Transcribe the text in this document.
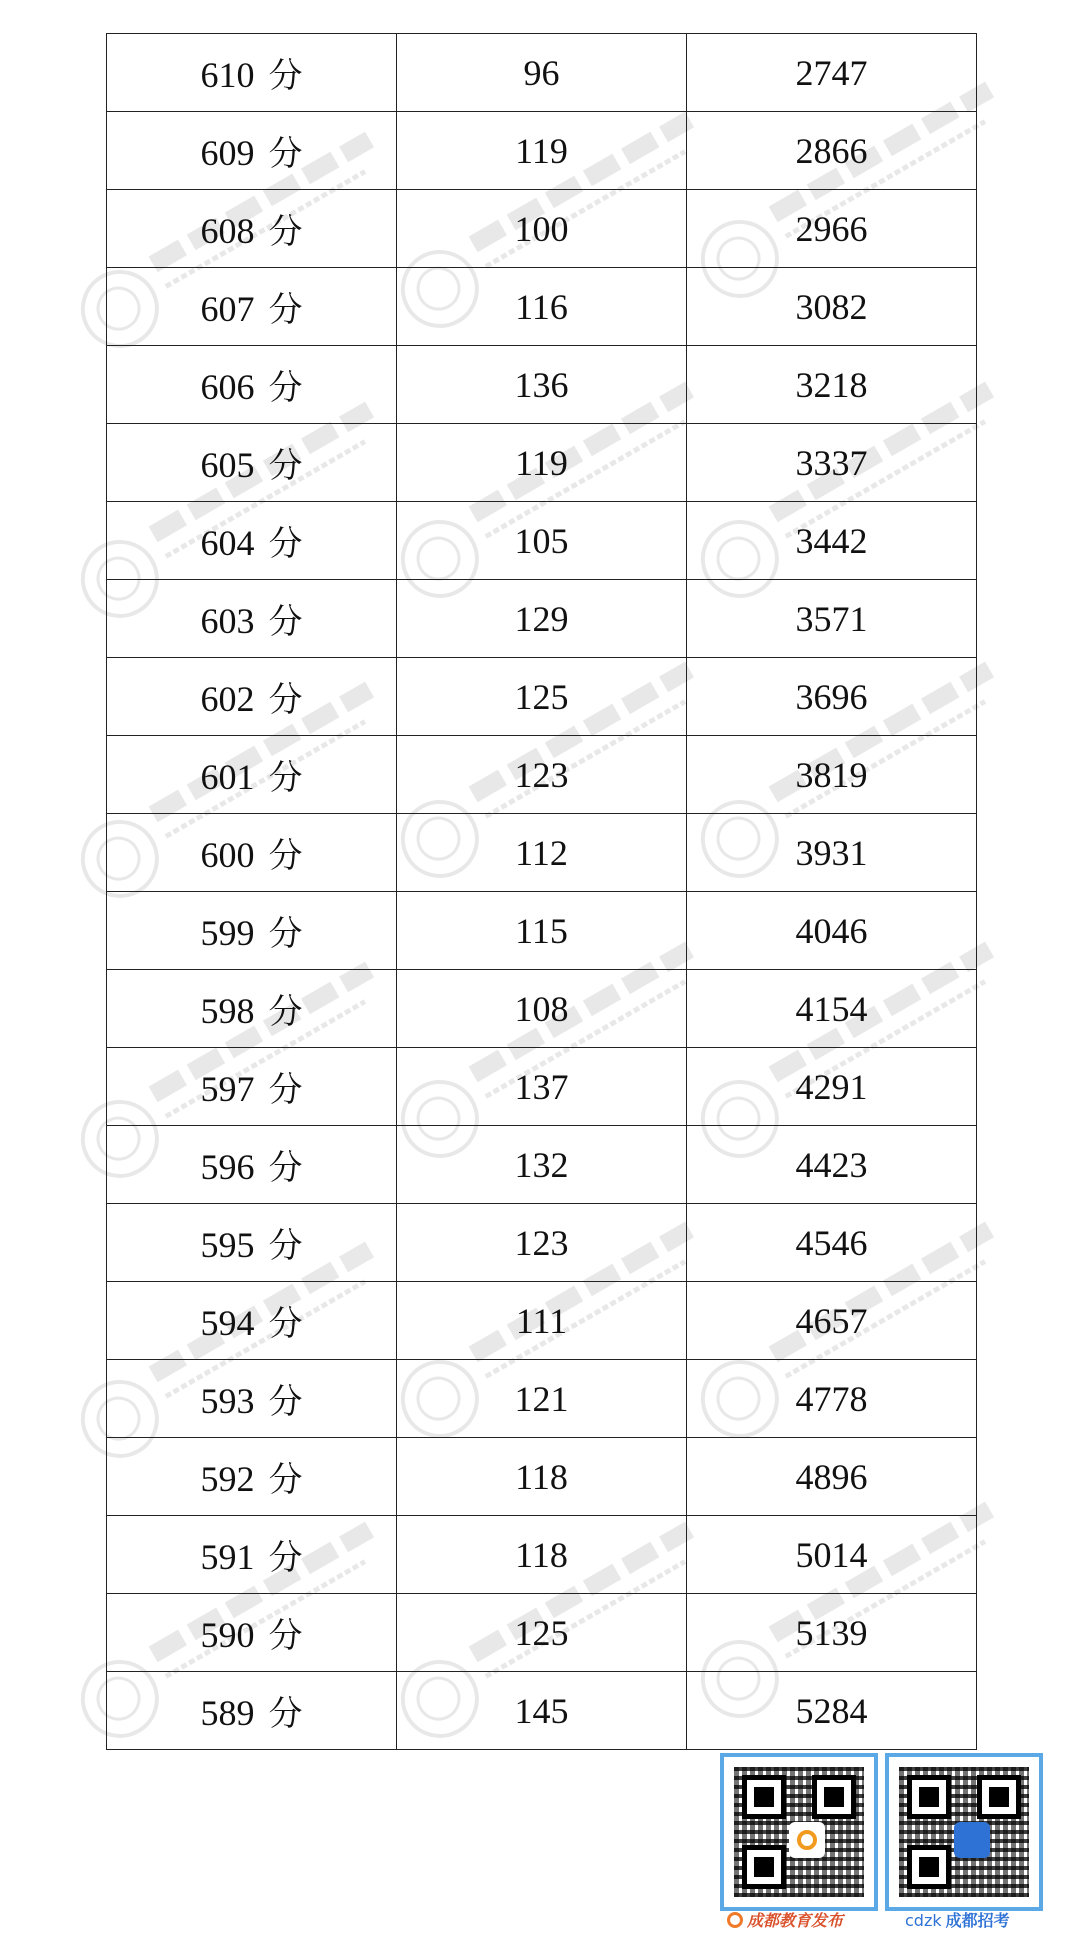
610 分	96	2747
609 分	119	2866
608 分	100	2966
607 分	116	3082
606 分	136	3218
605 分	119	3337
604 分	105	3442
603 分	129	3571
602 分	125	3696
601 分	123	3819
600 分	112	3931
599 分	115	4046
598 分	108	4154
597 分	137	4291
596 分	132	4423
595 分	123	4546
594 分	111	4657
593 分	121	4778
592 分	118	4896
591 分	118	5014
590 分	125	5139
589 分	145	5284
成都教育发布	cdzk 成都招考
